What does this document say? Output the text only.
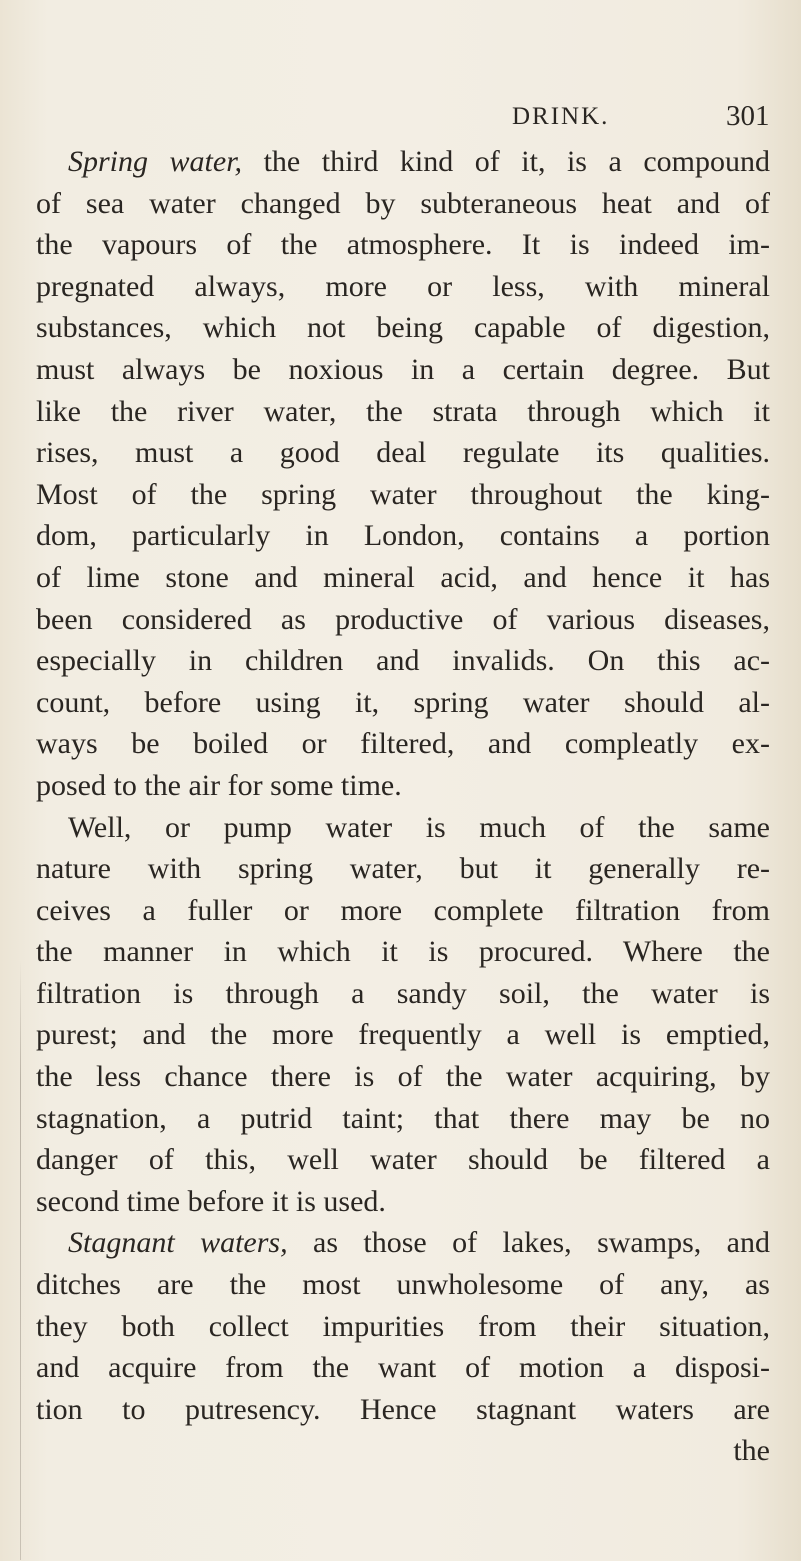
DRINK.	301
Spring water, the third kind of it, is a compound
of sea water changed by subteraneous heat and of
the vapours of the atmosphere. It is indeed im-
pregnated always, more or less, with mineral
substances, which not being capable of digestion,
must always be noxious in a certain degree. But
like the river water, the strata through which it
rises, must a good deal regulate its qualities.
Most of the spring water throughout the king-
dom, particularly in London, contains a portion
of lime stone and mineral acid, and hence it has
been considered as productive of various diseases,
especially in children and invalids. On this ac-
count, before using it, spring water should al-
ways be boiled or filtered, and compleatly ex-
posed to the air for some time.
Well, or pump water is much of the same
nature with spring water, but it generally re-
ceives a fuller or more complete filtration from
the manner in which it is procured. Where the
filtration is through a sandy soil, the water is
purest; and the more frequently a well is emptied,
the less chance there is of the water acquiring, by
stagnation, a putrid taint; that there may be no
danger of this, well water should be filtered a
second time before it is used.
Stagnant waters, as those of lakes, swamps, and
ditches are the most unwholesome of any, as
they both collect impurities from their situation,
and acquire from the want of motion a disposi-
tion to putresency. Hence stagnant waters are
the
